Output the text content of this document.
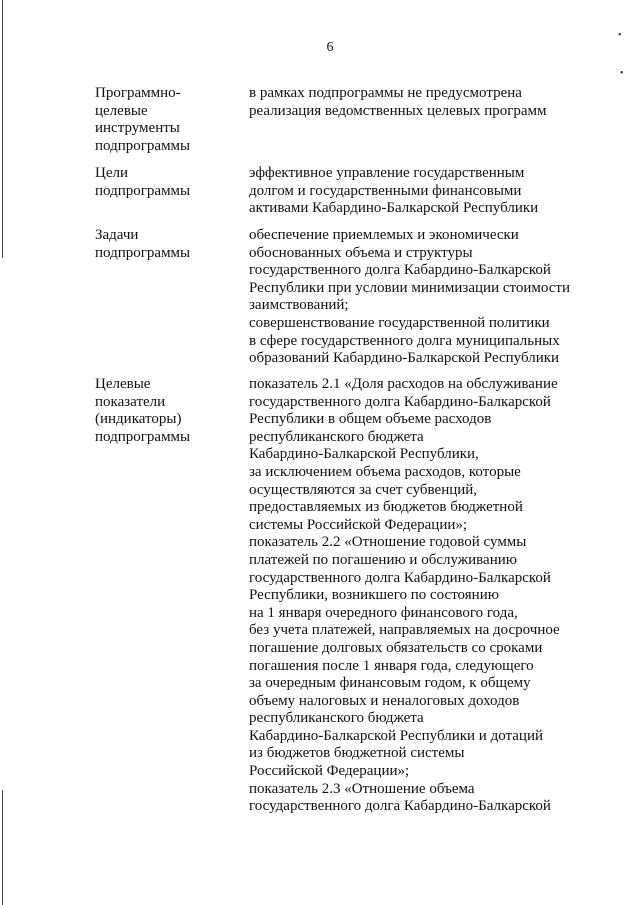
6
•
•
Программно-
целевые
инструменты
подпрограммы
в рамках подпрограммы не предусмотрена
реализация ведомственных целевых программ
Цели
подпрограммы
эффективное управление государственным
долгом и государственными финансовыми
активами Кабардино-Балкарской Республики
Задачи
подпрограммы
обеспечение приемлемых и экономически
обоснованных объема и структуры
государственного долга Кабардино-Балкарской
Республики при условии минимизации стоимости
заимствований;
совершенствование государственной политики
в сфере государственного долга муниципальных
образований Кабардино-Балкарской Республики
Целевые
показатели
(индикаторы)
подпрограммы
показатель 2.1 «Доля расходов на обслуживание
государственного долга Кабардино-Балкарской
Республики в общем объеме расходов
республиканского бюджета
Кабардино-Балкарской Республики,
за исключением объема расходов, которые
осуществляются за счет субвенций,
предоставляемых из бюджетов бюджетной
системы Российской Федерации»;
показатель 2.2 «Отношение годовой суммы
платежей по погашению и обслуживанию
государственного долга Кабардино-Балкарской
Республики, возникшего по состоянию
на 1 января очередного финансового года,
без учета платежей, направляемых на досрочное
погашение долговых обязательств со сроками
погашения после 1 января года, следующего
за очередным финансовым годом, к общему
объему налоговых и неналоговых доходов
республиканского бюджета
Кабардино-Балкарской Республики и дотаций
из бюджетов бюджетной системы
Российской Федерации»;
показатель 2.3 «Отношение объема
государственного долга Кабардино-Балкарской
